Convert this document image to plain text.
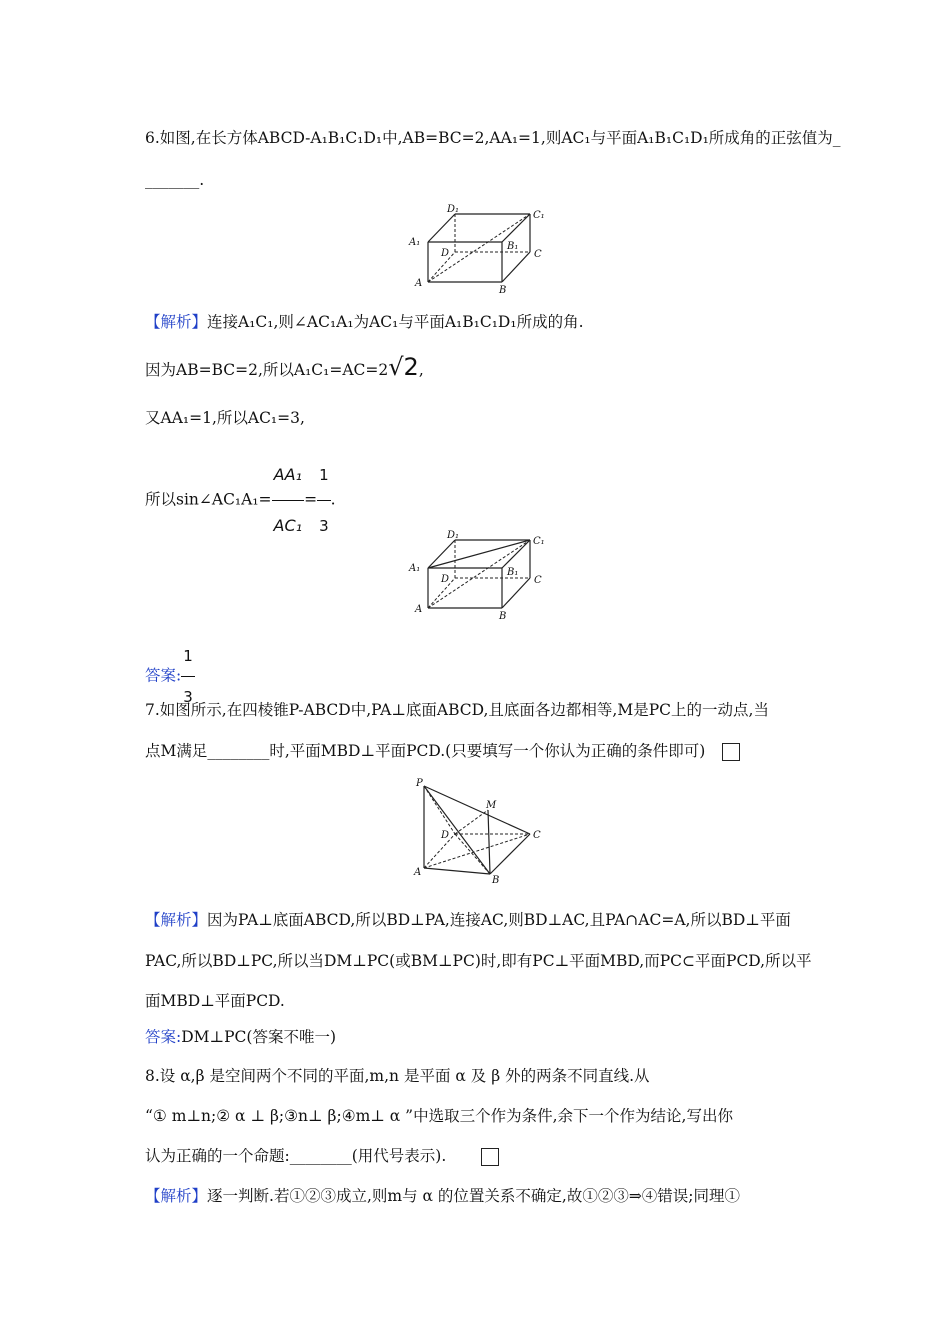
6.如图,在长方体ABCD-A₁B₁C₁D₁中,AB=BC=2,AA₁=1,则AC₁与平面A₁B₁C₁D₁所成角的正弦值为_
_______.
D₁
C₁
A₁	B₁
D	C
A
B
【解析】连接A₁C₁,则∠AC₁A₁为AC₁与平面A₁B₁C₁D₁所成的角.
因为AB=BC=2,所以A₁C₁=AC=2√2,
又AA₁=1,所以AC₁=3,
所以sin∠AC₁A₁= $\frac{\text{AA₁}}{\text{AC₁}} = \frac{1}{3}$ .
D₁
C₁
A₁	B₁
D	C
A
B
答案: $\frac{1}{3}$
7.如图所示,在四棱锥P-ABCD中,PA⊥底面ABCD,且底面各边都相等,M是PC上的一动点,当
点M满足________时,平面MBD⊥平面PCD.(只要填写一个你认为正确的条件即可)
P
M
D	C
A
B
【解析】因为PA⊥底面ABCD,所以BD⊥PA,连接AC,则BD⊥AC,且PA∩AC=A,所以BD⊥平面
PAC,所以BD⊥PC,所以当DM⊥PC(或BM⊥PC)时,即有PC⊥平面MBD,而PC⊂平面PCD,所以平
面MBD⊥平面PCD.
答案:DM⊥PC(答案不唯一)
8.设 α,β 是空间两个不同的平面,m,n 是平面 α 及 β 外的两条不同直线.从
“① m⊥n;② α ⊥ β;③n⊥ β;④m⊥ α ”中选取三个作为条件,余下一个作为结论,写出你
认为正确的一个命题:________(用代号表示).
【解析】逐一判断.若①②③成立,则m与 α 的位置关系不确定,故①②③⇒④错误;同理①
